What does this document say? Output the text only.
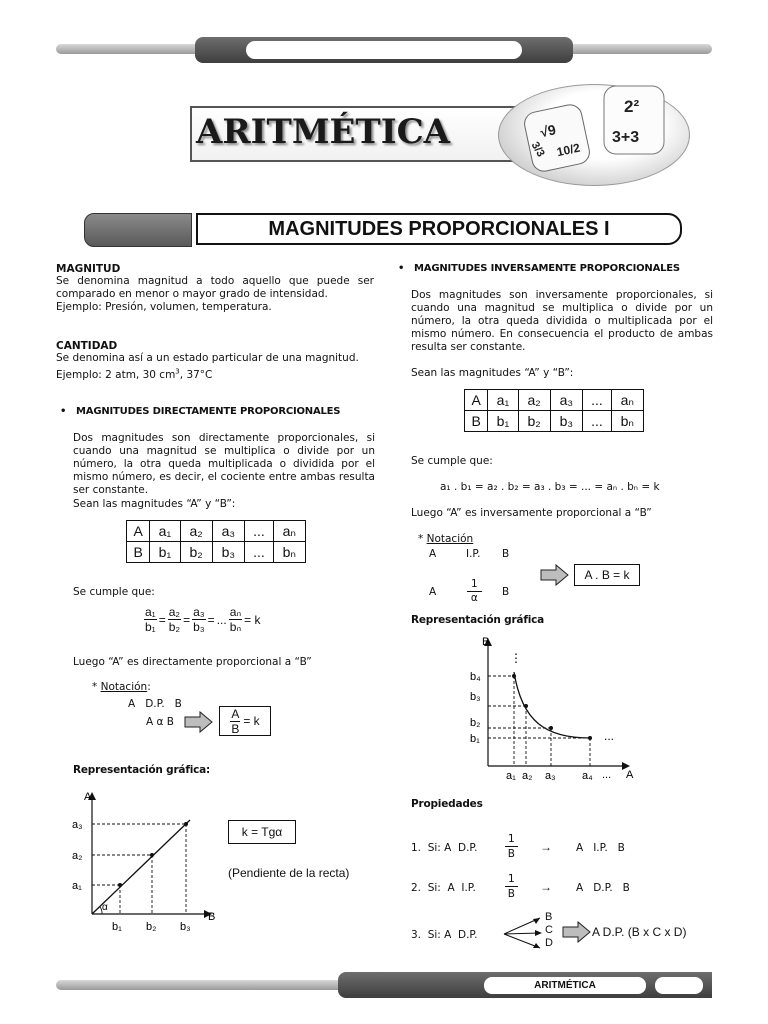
ARITMÉTICA	√9
10/2
3/3
2²
3+3
MAGNITUDES PROPORCIONALES I
MAGNITUD
Se denomina magnitud a todo aquello que puede ser comparado en menor o mayor grado de intensidad.
Ejemplo: Presión, volumen, temperatura.
CANTIDAD
Se denomina así a un estado particular de una magnitud.
Ejemplo: 2 atm, 30 $cm^3$, 37°C
•   MAGNITUDES DIRECTAMENTE PROPORCIONALES
Dos magnitudes son directamente proporcionales, si cuando una magnitud se multiplica o divide por un número, la otra queda multiplicada o dividida por el mismo número, es decir, el cociente entre ambas resulta ser constante.
Sean las magnitudes “A” y “B”:
A	a₁	a₂	a₃	...	aₙ
B	b₁	b₂	b₃	...	bₙ
Se cumple que:
$\frac{\text{a₁}}{\text{b₁}} = \frac{\text{a₂}}{\text{b₂}} = \frac{\text{a₃}}{\text{b₃}}$ = ... $\frac{\text{aₙ}}{\text{bₙ}} = k$
Luego “A” es directamente proporcional a “B”
* Notación:
A   D.P.   B
A α B	$\frac{A}{B} = k$
Representación gráfica:
A
B
a₁
a₂
a₃
b₁ b₂ b₃
α
k = Tgα
(Pendiente de la recta)
•   MAGNITUDES INVERSAMENTE PROPORCIONALES
Dos magnitudes son inversamente proporcionales, si cuando una magnitud se multiplica o divide por un número, la otra queda dividida o multiplicada por el mismo número. En consecuencia el producto de ambas resulta ser constante.
Sean las magnitudes “A” y “B”:
A	a₁	a₂	a₃	...	aₙ
B	b₁	b₂	b₃	...	bₙ
Se cumple que:
a₁ . b₁ = a₂ . b₂ = a₃ . b₃ = ... = aₙ . bₙ = k
Luego “A” es inversamente proporcional a “B”
* Notación
A	I.P. B
A
1
α B
A . B = k
Representación gráfica
B
A
⋮
...
b₄
b₃
b₂
b₁
a₁ a₂ a₃ a₄ ...
Propiedades
1.  Si: A  D.P.
1
B → A   I.P.   B
2.  Si:  A  I.P.
1
B → A   D.P.   B
3.  Si: A  D.P.
B
C
D
A D.P. (B x C x D)
ARITMÉTICA
